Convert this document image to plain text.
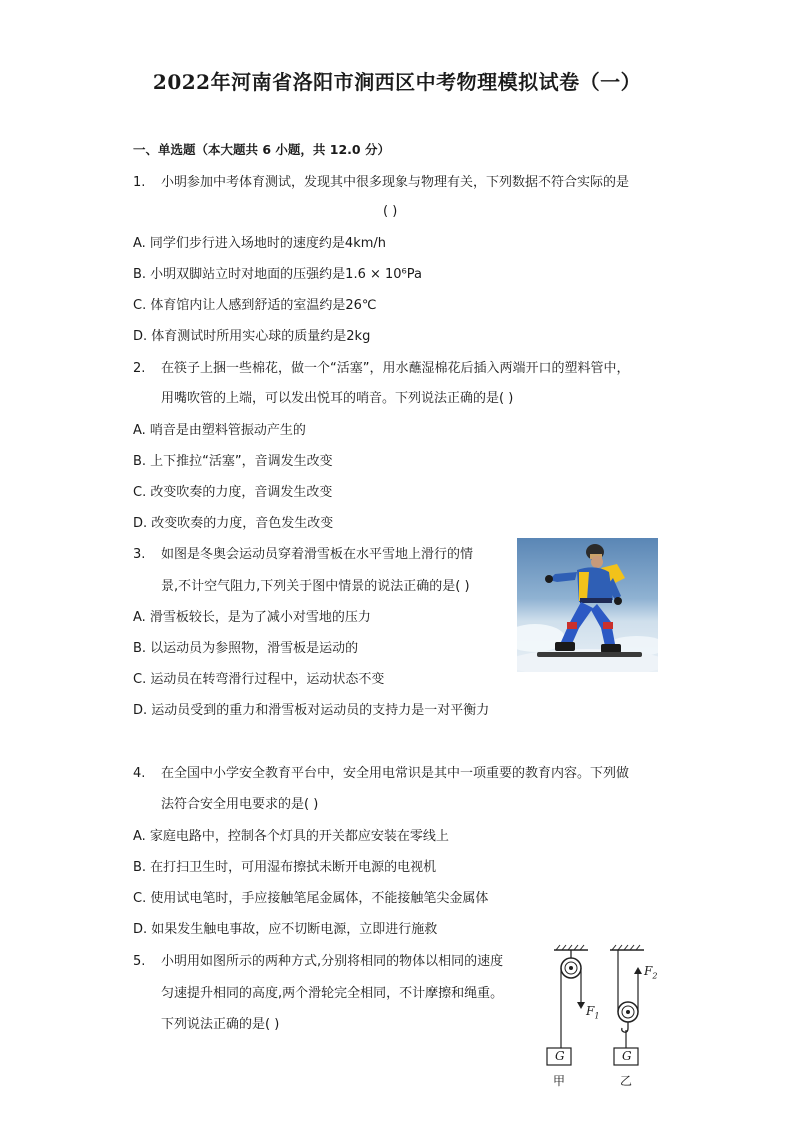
2022年河南省洛阳市涧西区中考物理模拟试卷（一）
一、单选题（本大题共 6 小题，共 12.0 分）
1. 小明参加中考体育测试，发现其中很多现象与物理有关，下列数据不符合实际的是
( )
A. 同学们步行进入场地时的速度约是4km/h
B. 小明双脚站立时对地面的压强约是1.6 × 10⁶Pa
C. 体育馆内让人感到舒适的室温约是26℃
D. 体育测试时所用实心球的质量约是2kg
2. 在筷子上捆一些棉花，做一个“活塞”，用水蘸湿棉花后插入两端开口的塑料管中，
用嘴吹管的上端，可以发出悦耳的哨音。下列说法正确的是( )
A. 哨音是由塑料管振动产生的
B. 上下推拉“活塞”，音调发生改变
C. 改变吹奏的力度，音调发生改变
D. 改变吹奏的力度，音色发生改变
3. 如图是冬奥会运动员穿着滑雪板在水平雪地上滑行的情
景,不计空气阻力,下列关于图中情景的说法正确的是( )
A. 滑雪板较长，是为了减小对雪地的压力
B. 以运动员为参照物，滑雪板是运动的
C. 运动员在转弯滑行过程中，运动状态不变
D. 运动员受到的重力和滑雪板对运动员的支持力是一对平衡力
4. 在全国中小学安全教育平台中，安全用电常识是其中一项重要的教育内容。下列做
法符合安全用电要求的是( )
A. 家庭电路中，控制各个灯具的开关都应安装在零线上
B. 在打扫卫生时，可用湿布擦拭未断开电源的电视机
C. 使用试电笔时，手应接触笔尾金属体，不能接触笔尖金属体
D. 如果发生触电事故，应不切断电源，立即进行施救
5. 小明用如图所示的两种方式,分别将相同的物体以相同的速度
匀速提升相同的高度,两个滑轮完全相同，不计摩擦和绳重。
下列说法正确的是( )
$F_1$
$F_2$
G	G
甲	乙
